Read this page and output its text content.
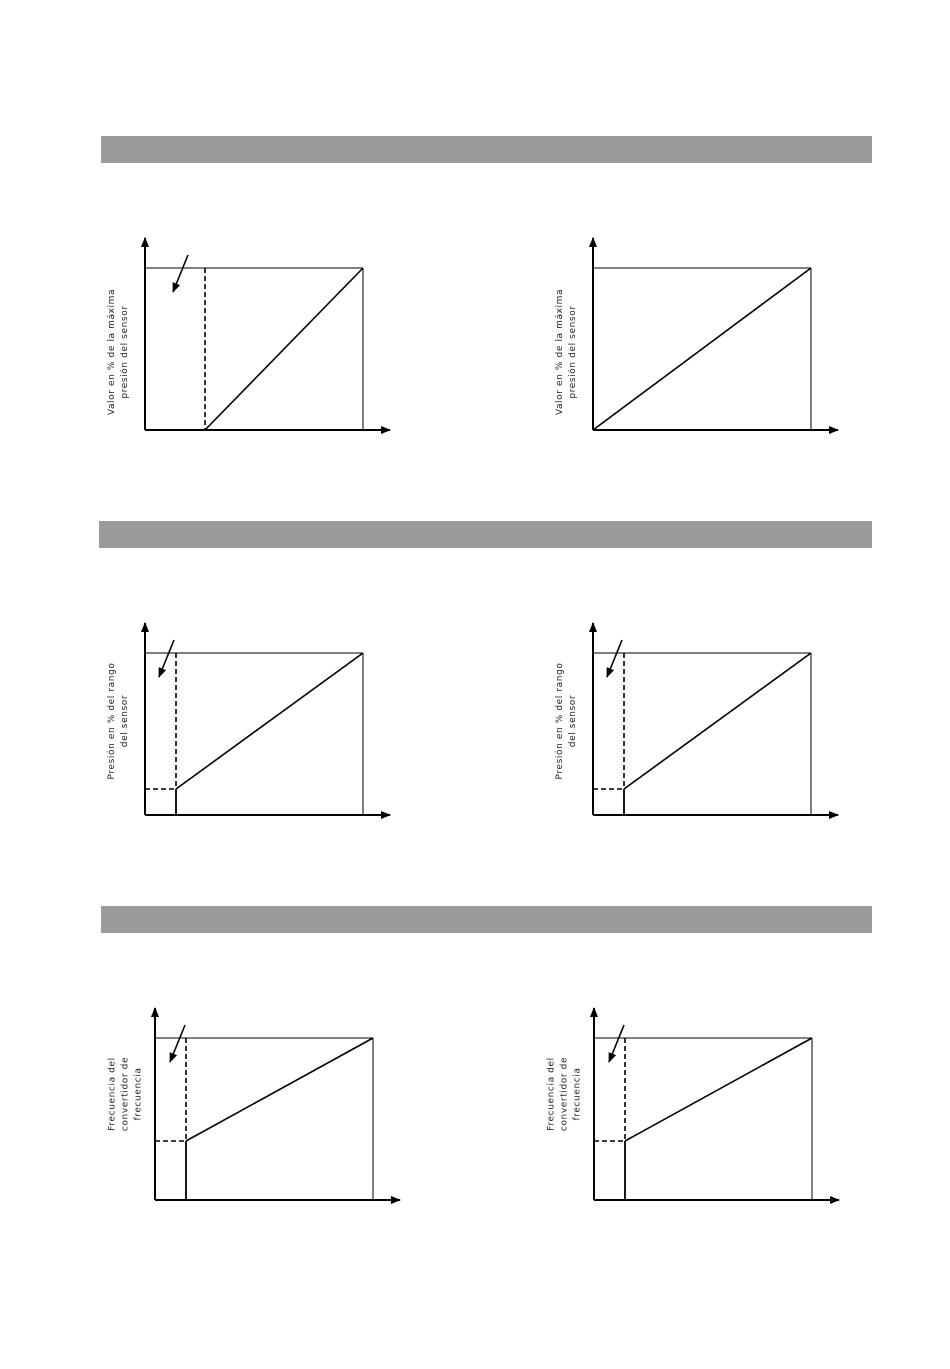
Valor en % de la máxima presión del sensor	Valor en % de la máxima presión del sensor
Presión en % del rango del sensor	Presión en % del rango del sensor
Frecuencia del convertidor de frecuencia	Frecuencia del convertidor de frecuencia
